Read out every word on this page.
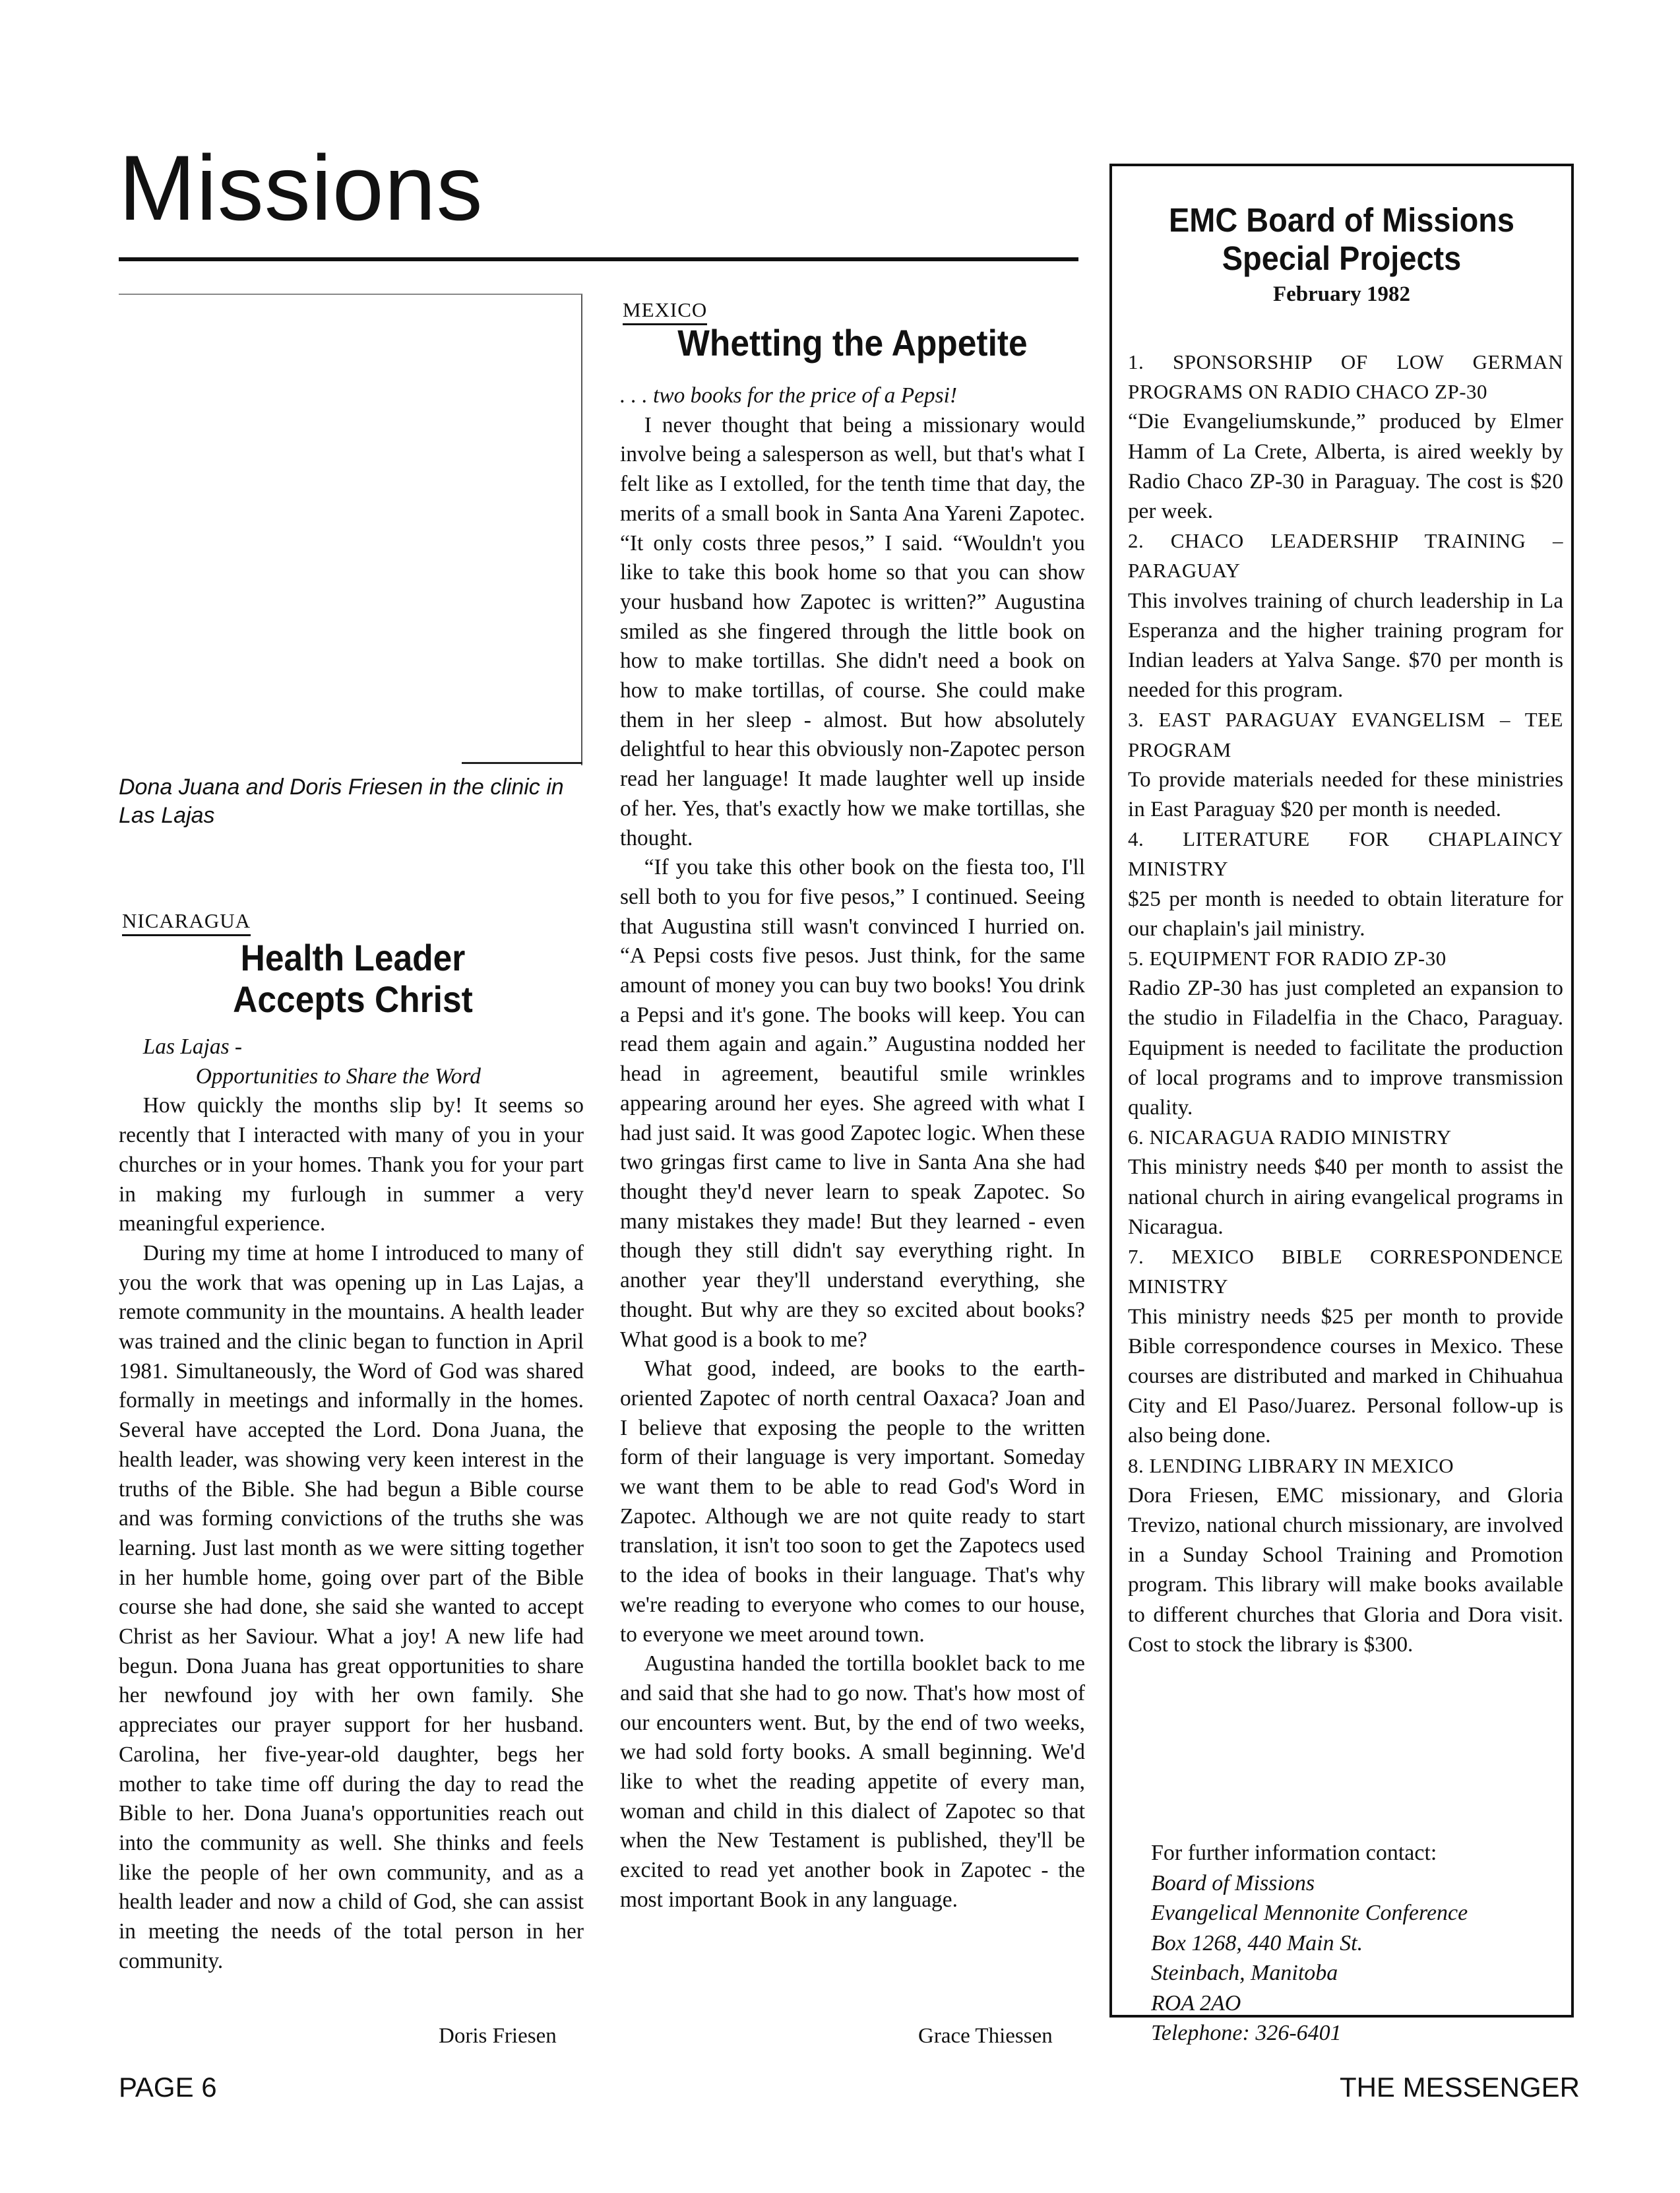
Missions

Dona Juana and Doris Friesen in the clinic in Las Lajas

NICARAGUA

Health Leader
Accepts Christ

Las Lajas -

Opportunities to Share the Word

How quickly the months slip by! It seems so recently that I interacted with many of you in your churches or in your homes. Thank you for your part in making my furlough in summer a very meaningful experience.

During my time at home I introduced to many of you the work that was opening up in Las Lajas, a remote community in the mountains. A health leader was trained and the clinic began to function in April 1981. Simultaneously, the Word of God was shared formally in meetings and informally in the homes. Several have accepted the Lord. Dona Juana, the health leader, was showing very keen interest in the truths of the Bible. She had begun a Bible course and was forming convictions of the truths she was learning. Just last month as we were sitting together in her humble home, going over part of the Bible course she had done, she said she wanted to accept Christ as her Saviour. What a joy! A new life had begun. Dona Juana has great opportunities to share her newfound joy with her own family. She appreciates our prayer support for her husband. Carolina, her five-year-old daughter, begs her mother to take time off during the day to read the Bible to her. Dona Juana's opportunities reach out into the community as well. She thinks and feels like the people of her own community, and as a health leader and now a child of God, she can assist in meeting the needs of the total person in her community.

Doris Friesen

MEXICO

Whetting the Appetite

. . . two books for the price of a Pepsi!

I never thought that being a missionary would involve being a salesperson as well, but that's what I felt like as I extolled, for the tenth time that day, the merits of a small book in Santa Ana Yareni Zapotec. “It only costs three pesos,” I said. “Wouldn't you like to take this book home so that you can show your husband how Zapotec is written?” Augustina smiled as she fingered through the little book on how to make tortillas. She didn't need a book on how to make tortillas, of course. She could make them in her sleep - almost. But how absolutely delightful to hear this obviously non-Zapotec person read her language! It made laughter well up inside of her. Yes, that's exactly how we make tortillas, she thought.

“If you take this other book on the fiesta too, I'll sell both to you for five pesos,” I continued. Seeing that Augustina still wasn't convinced I hurried on. “A Pepsi costs five pesos. Just think, for the same amount of money you can buy two books! You drink a Pepsi and it's gone. The books will keep. You can read them again and again.” Augustina nodded her head in agreement, beautiful smile wrinkles appearing around her eyes. She agreed with what I had just said. It was good Zapotec logic. When these two gringas first came to live in Santa Ana she had thought they'd never learn to speak Zapotec. So many mistakes they made! But they learned - even though they still didn't say everything right. In another year they'll understand everything, she thought. But why are they so excited about books? What good is a book to me?

What good, indeed, are books to the earth-oriented Zapotec of north central Oaxaca? Joan and I believe that exposing the people to the written form of their language is very important. Someday we want them to be able to read God's Word in Zapotec. Although we are not quite ready to start translation, it isn't too soon to get the Zapotecs used to the idea of books in their language. That's why we're reading to everyone who comes to our house, to everyone we meet around town.

Augustina handed the tortilla booklet back to me and said that she had to go now. That's how most of our encounters went. But, by the end of two weeks, we had sold forty books. A small beginning. We'd like to whet the reading appetite of every man, woman and child in this dialect of Zapotec so that when the New Testament is published, they'll be excited to read yet another book in Zapotec - the most important Book in any language.

Grace Thiessen

EMC Board of Missions
Special Projects

February 1982

1. SPONSORSHIP OF LOW GERMAN PROGRAMS ON RADIO CHACO ZP-30

“Die Evangeliumskunde,” produced by Elmer Hamm of La Crete, Alberta, is aired weekly by Radio Chaco ZP-30 in Paraguay. The cost is $20 per week.

2. CHACO LEADERSHIP TRAINING – PARAGUAY

This involves training of church leadership in La Esperanza and the higher training program for Indian leaders at Yalva Sange. $70 per month is needed for this program.

3. EAST PARAGUAY EVANGELISM – TEE PROGRAM

To provide materials needed for these ministries in East Paraguay $20 per month is needed.

4. LITERATURE FOR CHAPLAINCY MINISTRY

$25 per month is needed to obtain literature for our chaplain's jail ministry.

5. EQUIPMENT FOR RADIO ZP-30

Radio ZP-30 has just completed an expansion to the studio in Filadelfia in the Chaco, Paraguay. Equipment is needed to facilitate the production of local programs and to improve transmission quality.

6. NICARAGUA RADIO MINISTRY

This ministry needs $40 per month to assist the national church in airing evangelical programs in Nicaragua.

7. MEXICO BIBLE CORRESPONDENCE MINISTRY

This ministry needs $25 per month to provide Bible correspondence courses in Mexico. These courses are distributed and marked in Chihuahua City and El Paso/Juarez. Personal follow-up is also being done.

8. LENDING LIBRARY IN MEXICO

Dora Friesen, EMC missionary, and Gloria Trevizo, national church missionary, are involved in a Sunday School Training and Promotion program. This library will make books available to different churches that Gloria and Dora visit. Cost to stock the library is $300.

For further information contact:

Board of Missions

Evangelical Mennonite Conference

Box 1268, 440 Main St.

Steinbach, Manitoba

ROA 2AO

Telephone: 326-6401

PAGE 6	THE MESSENGER
